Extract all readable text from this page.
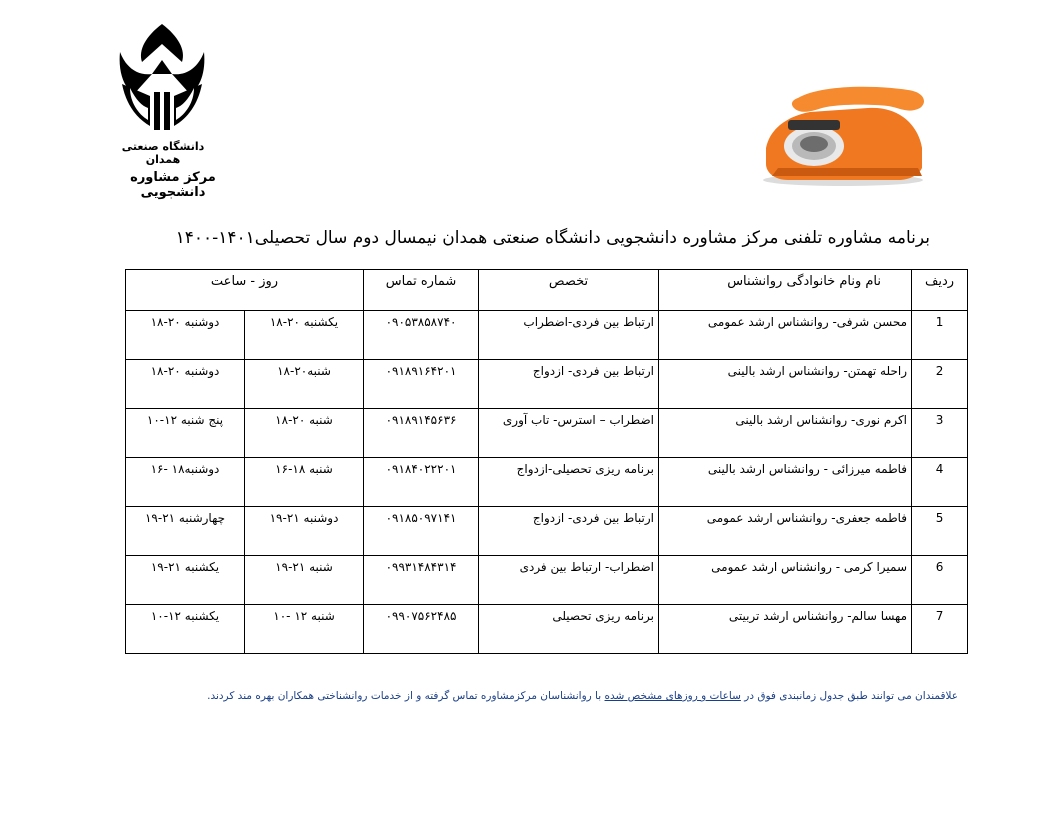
دانشگاه صنعتی همدان
مرکز مشاوره دانشجویی
برنامه مشاوره تلفنی مرکز مشاوره دانشجویی دانشگاه صنعتی همدان نیمسال دوم سال تحصیلی۱۴۰۱-۱۴۰۰
ردیف	نام ونام خانوادگی روانشناس	تخصص	شماره تماس	روز - ساعت	
1	محسن شرفی- روانشناس ارشد عمومی	ارتباط بین فردی-اضطراب	۰۹۰۵۳۸۵۸۷۴۰	یکشنبه ۲۰-۱۸	دوشنبه ۲۰-۱۸
2	راحله تهمتن- روانشناس ارشد بالینی	ارتباط بین فردی- ازدواج	۰۹۱۸۹۱۶۴۲۰۱	شنبه۲۰-۱۸	دوشنبه ۲۰-۱۸
3	اکرم نوری- روانشناس ارشد بالینی	اضطراب – استرس- تاب آوری	۰۹۱۸۹۱۴۵۶۳۶	شنبه ۲۰-۱۸	پنج شنبه ۱۲-۱۰
4	فاطمه میرزائی - روانشناس ارشد بالینی	برنامه ریزی تحصیلی-ازدواج	۰۹۱۸۴۰۲۲۲۰۱	شنبه ۱۸-۱۶	دوشنبه۱۸ -۱۶
5	فاطمه جعفری- روانشناس ارشد عمومی	ارتباط بین فردی- ازدواج	۰۹۱۸۵۰۹۷۱۴۱	دوشنبه ۲۱-۱۹	چهارشنبه ۲۱-۱۹
6	سمیرا کرمی - روانشناس ارشد عمومی	اضطراب- ارتباط بین فردی	۰۹۹۳۱۴۸۴۳۱۴	شنبه ۲۱-۱۹	یکشنبه ۲۱-۱۹
7	مهسا سالم- روانشناس ارشد تربیتی	برنامه ریزی تحصیلی	۰۹۹۰۷۵۶۲۴۸۵	شنبه ۱۲ -۱۰	یکشنبه ۱۲-۱۰
علاقمندان می توانند طبق جدول زمانبندی فوق در ساعات و روزهای مشخص شده با روانشناسان مرکزمشاوره تماس گرفته و از خدمات روانشناختی همکاران بهره مند کردند.
